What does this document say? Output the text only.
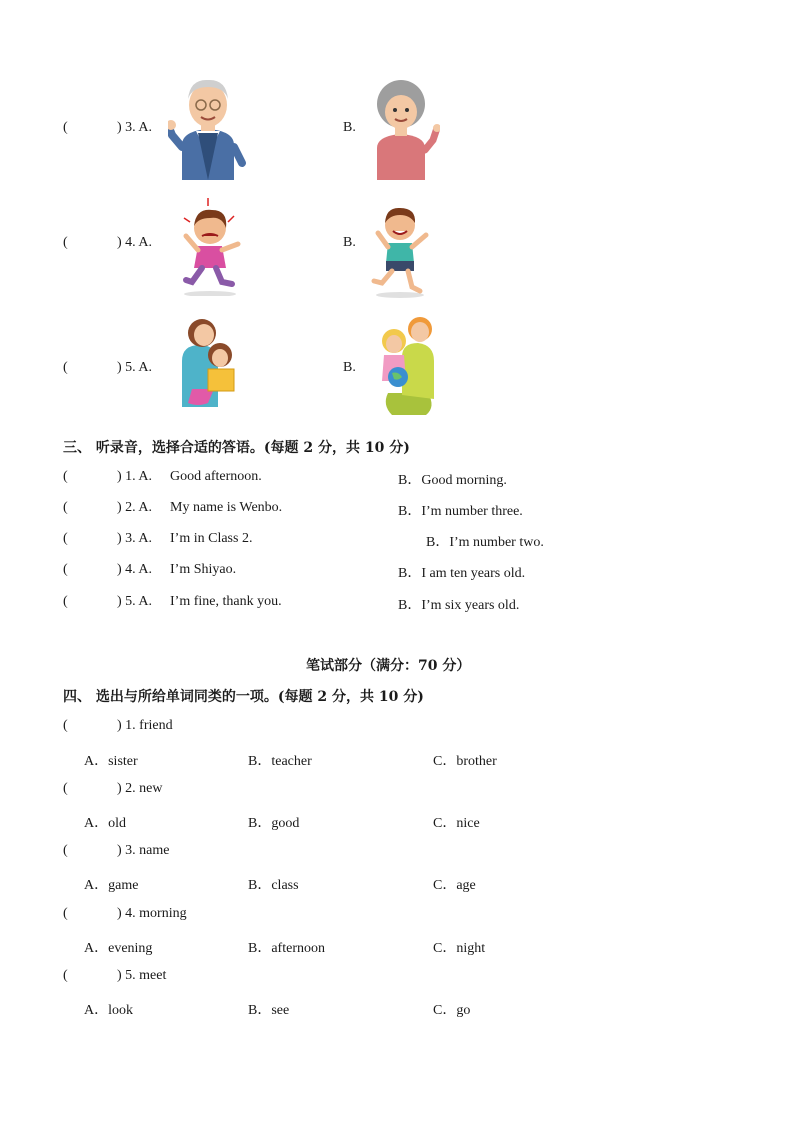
(	) 3. A.	B.
(	) 4. A.	B.
(	) 5. A.	B.
三、 听录音，选择合适的答语。(每题 2 分，共 10 分)
(	) 1. A. Good afternoon.	B．Good morning.
(	) 2. A. My name is Wenbo.	B．I’m number three.
(	) 3. A. I’m in Class 2.	B．I’m number two.
(	) 4. A. I’m Shiyao.	B．I am ten years old.
(	) 5. A. I’m fine, thank you.	B．I’m six years old.
笔试部分（满分：70 分）
四、 选出与所给单词同类的一项。(每题 2 分，共 10 分)
(	) 1. friend
A．sister	B．teacher	C．brother
(	) 2. new
A．old	B．good	C．nice
(	) 3. name
A．game	B．class	C．age
(	) 4. morning
A．evening	B．afternoon	C．night
(	) 5. meet
A．look	B．see	C．go
